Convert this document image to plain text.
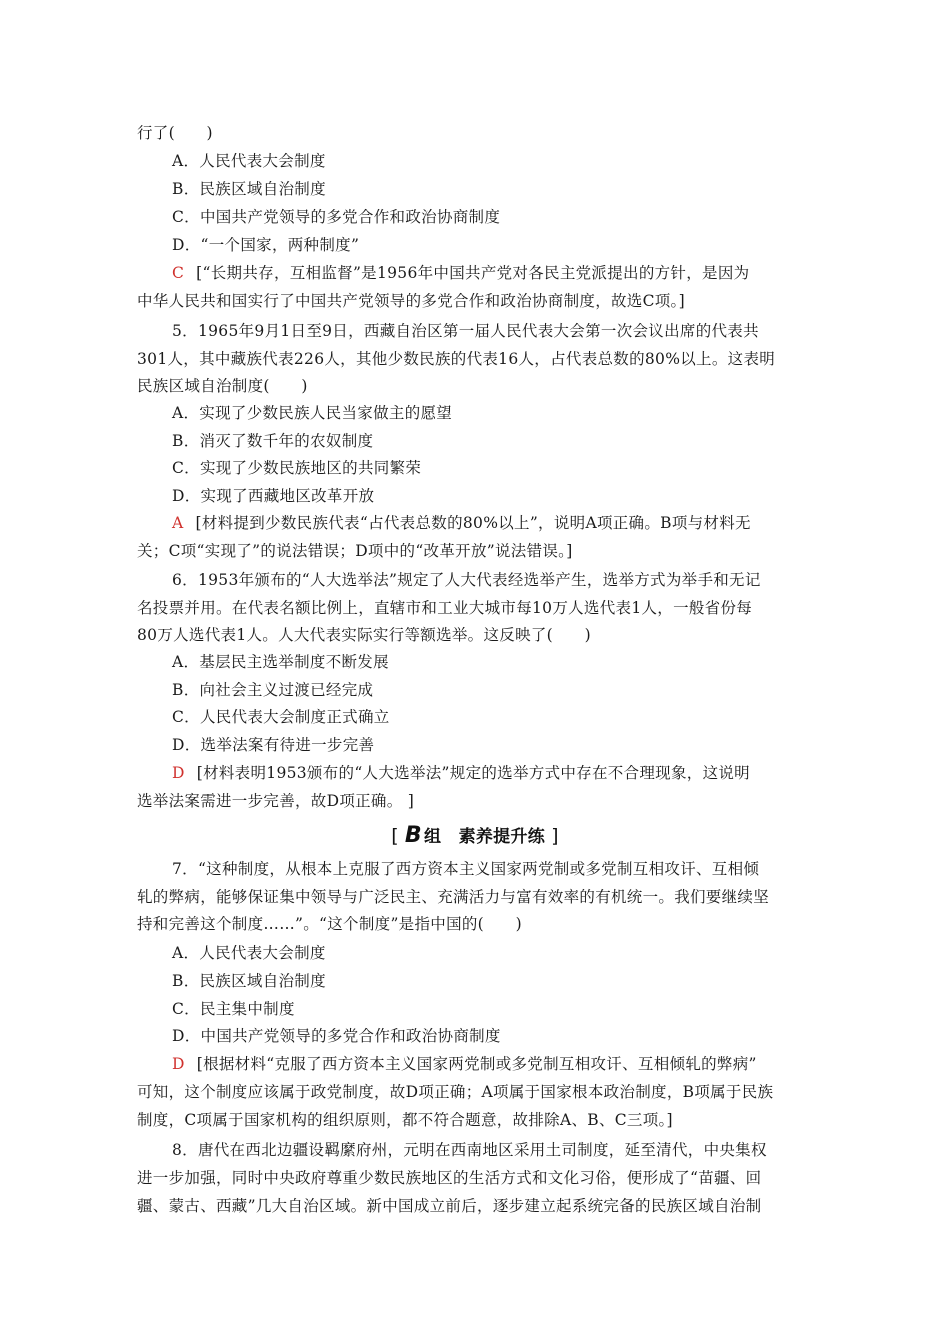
行了(　　)
A．人民代表大会制度
B．民族区域自治制度
C．中国共产党领导的多党合作和政治协商制度
D．“一个国家，两种制度”
C [“长期共存，互相监督”是1956年中国共产党对各民主党派提出的方针，是因为
中华人民共和国实行了中国共产党领导的多党合作和政治协商制度，故选C项。]
5．1965年9月1日至9日，西藏自治区第一届人民代表大会第一次会议出席的代表共
301人，其中藏族代表226人，其他少数民族的代表16人，占代表总数的80%以上。这表明
民族区域自治制度(　　)
A．实现了少数民族人民当家做主的愿望
B．消灭了数千年的农奴制度
C．实现了少数民族地区的共同繁荣
D．实现了西藏地区改革开放
A [材料提到少数民族代表“占代表总数的80%以上”，说明A项正确。B项与材料无
关；C项“实现了”的说法错误；D项中的“改革开放”说法错误。]
6．1953年颁布的“人大选举法”规定了人大代表经选举产生，选举方式为举手和无记
名投票并用。在代表名额比例上，直辖市和工业大城市每10万人选代表1人，一般省份每
80万人选代表1人。人大代表实际实行等额选举。这反映了(　　)
A．基层民主选举制度不断发展
B．向社会主义过渡已经完成
C．人民代表大会制度正式确立
D．选举法案有待进一步完善
D [材料表明1953颁布的“人大选举法”规定的选举方式中存在不合理现象，这说明
选举法案需进一步完善，故D项正确。 ]
[ B 组　素养提升练 ]
7．“这种制度，从根本上克服了西方资本主义国家两党制或多党制互相攻讦、互相倾
轧的弊病，能够保证集中领导与广泛民主、充满活力与富有效率的有机统一。我们要继续坚
持和完善这个制度……”。“这个制度”是指中国的(　　)
A．人民代表大会制度
B．民族区域自治制度
C．民主集中制度
D．中国共产党领导的多党合作和政治协商制度
D [根据材料“克服了西方资本主义国家两党制或多党制互相攻讦、互相倾轧的弊病”
可知，这个制度应该属于政党制度，故D项正确；A项属于国家根本政治制度，B项属于民族
制度，C项属于国家机构的组织原则，都不符合题意，故排除A、B、C三项。]
8．唐代在西北边疆设羁縻府州，元明在西南地区采用土司制度，延至清代，中央集权
进一步加强，同时中央政府尊重少数民族地区的生活方式和文化习俗，便形成了“苗疆、回
疆、蒙古、西藏”几大自治区域。新中国成立前后，逐步建立起系统完备的民族区域自治制
